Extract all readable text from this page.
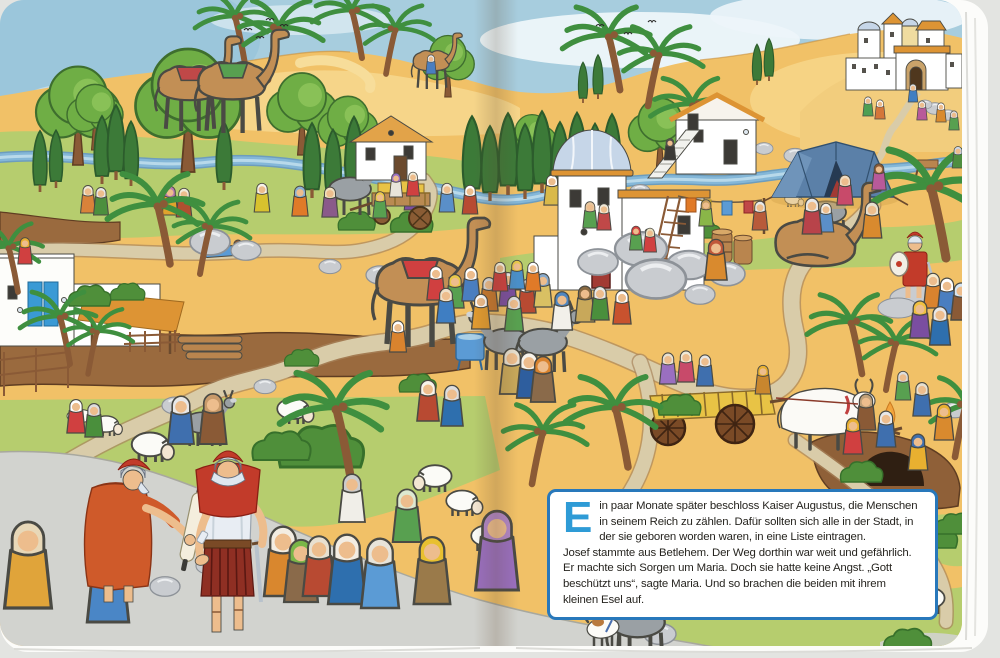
Ein paar Monate später beschloss Kaiser Augustus, die Menschen in seinem Reich zu zählen. Dafür sollten sich alle in der Stadt, in der sie geboren worden waren, in eine Liste eintragen.

Josef stammte aus Betlehem. Der Weg dorthin war weit und gefährlich. Er machte sich Sorgen um Maria. Doch sie hatte keine Angst. „Gott beschützt uns“, sagte Maria. Und so brachen die beiden mit ihrem kleinen Esel auf.
